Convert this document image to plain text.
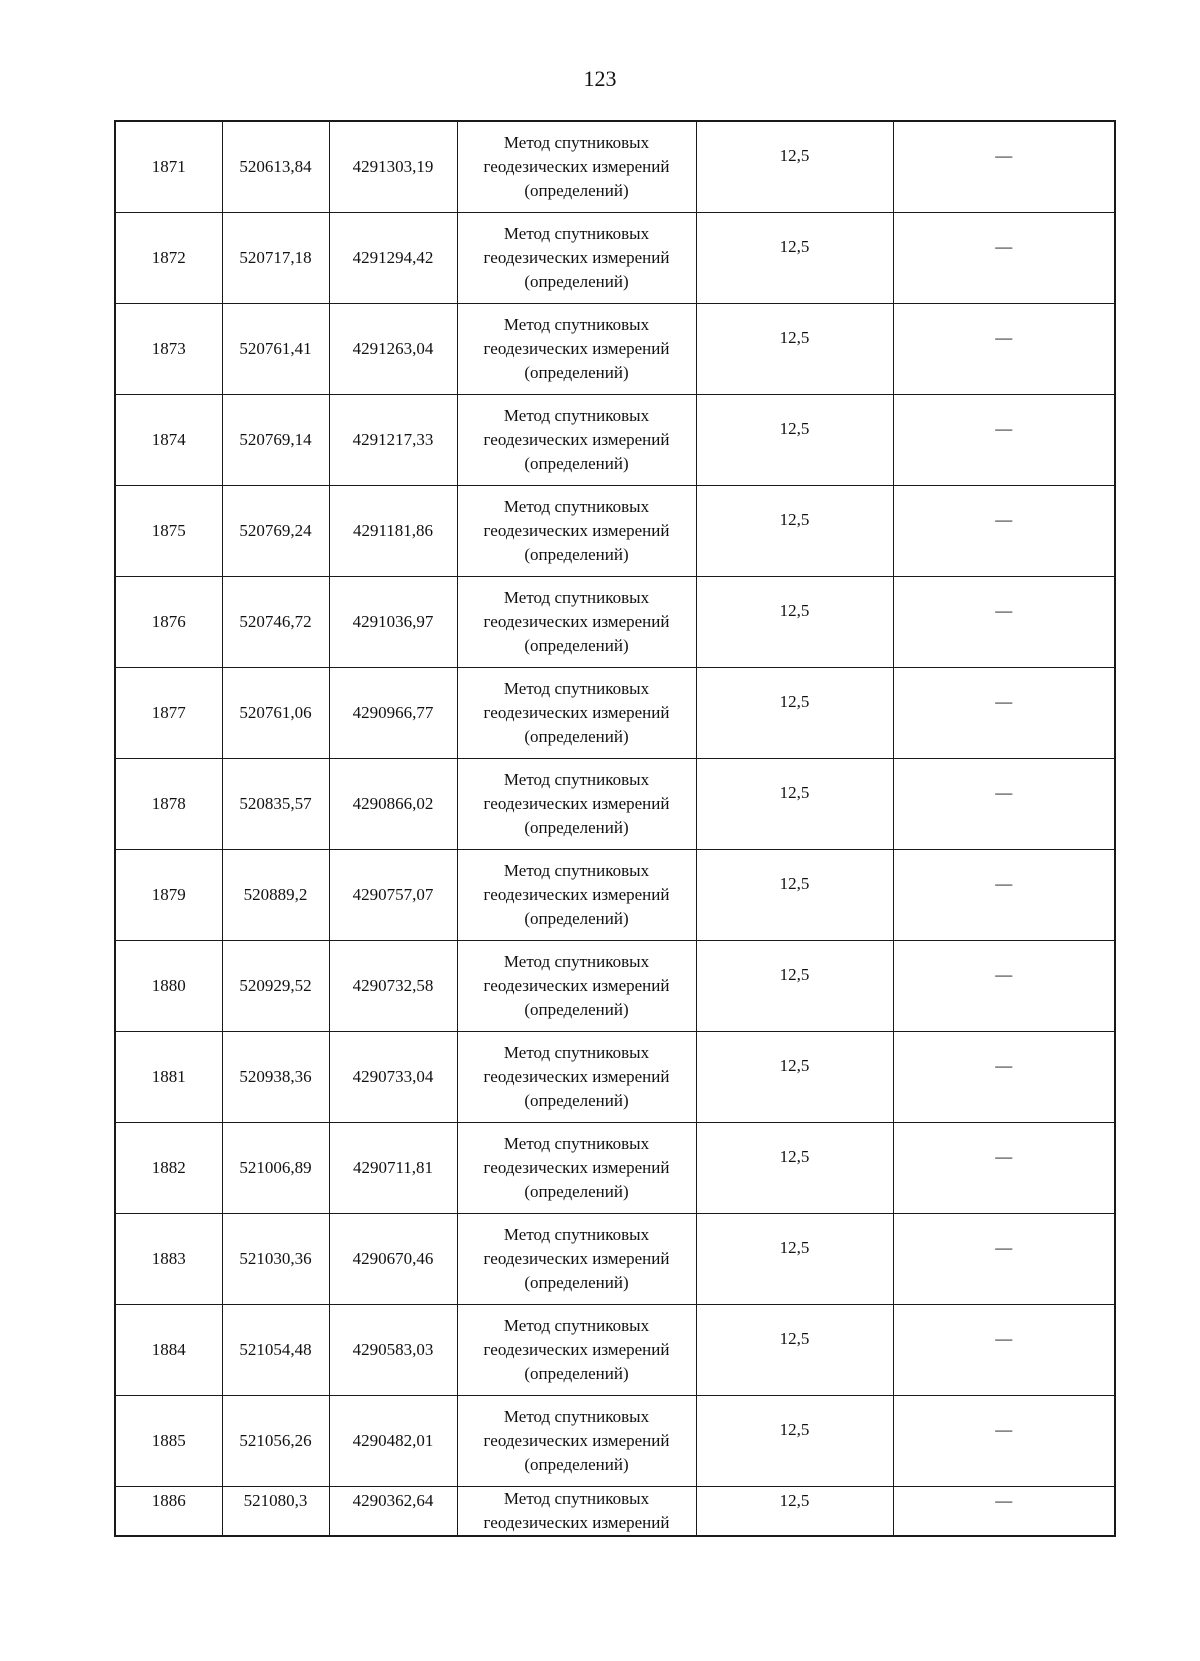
123
1871	520613,84	4291303,19	Метод спутниковых
геодезических измерений
(определений)	12,5	—
1872	520717,18	4291294,42	Метод спутниковых
геодезических измерений
(определений)	12,5	—
1873	520761,41	4291263,04	Метод спутниковых
геодезических измерений
(определений)	12,5	—
1874	520769,14	4291217,33	Метод спутниковых
геодезических измерений
(определений)	12,5	—
1875	520769,24	4291181,86	Метод спутниковых
геодезических измерений
(определений)	12,5	—
1876	520746,72	4291036,97	Метод спутниковых
геодезических измерений
(определений)	12,5	—
1877	520761,06	4290966,77	Метод спутниковых
геодезических измерений
(определений)	12,5	—
1878	520835,57	4290866,02	Метод спутниковых
геодезических измерений
(определений)	12,5	—
1879	520889,2	4290757,07	Метод спутниковых
геодезических измерений
(определений)	12,5	—
1880	520929,52	4290732,58	Метод спутниковых
геодезических измерений
(определений)	12,5	—
1881	520938,36	4290733,04	Метод спутниковых
геодезических измерений
(определений)	12,5	—
1882	521006,89	4290711,81	Метод спутниковых
геодезических измерений
(определений)	12,5	—
1883	521030,36	4290670,46	Метод спутниковых
геодезических измерений
(определений)	12,5	—
1884	521054,48	4290583,03	Метод спутниковых
геодезических измерений
(определений)	12,5	—
1885	521056,26	4290482,01	Метод спутниковых
геодезических измерений
(определений)	12,5	—
1886	521080,3	4290362,64	Метод спутниковых
геодезических измерений	12,5	—
